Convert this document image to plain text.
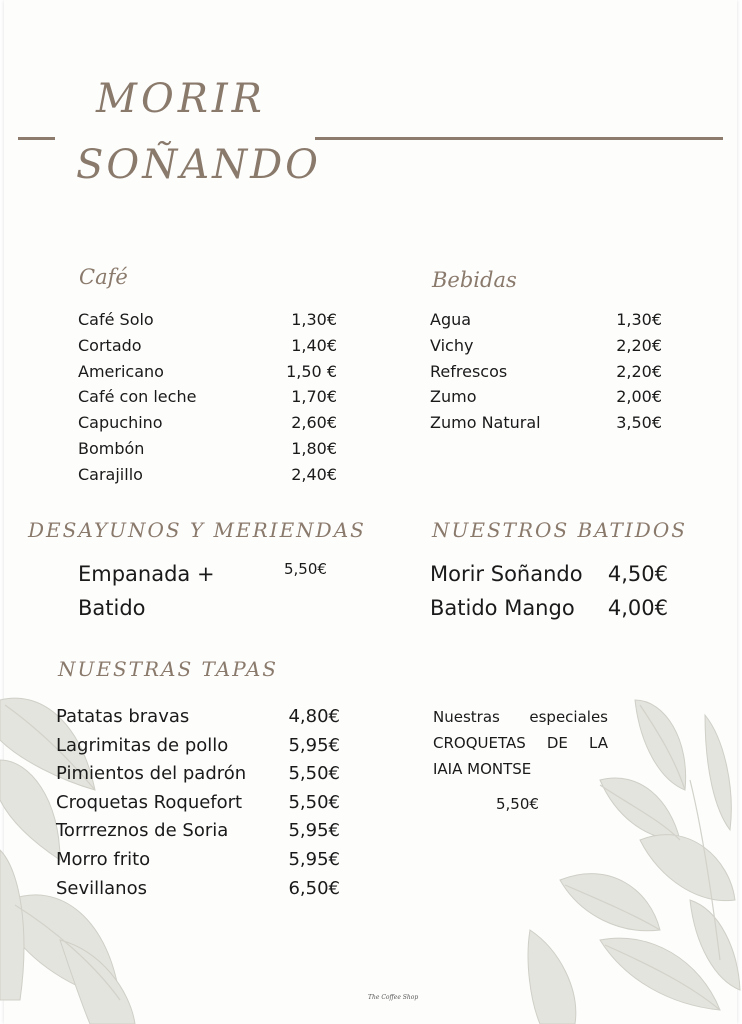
MORIR
SOÑANDO
Café
Café Solo	1,30€
Cortado	1,40€
Americano	1,50 €
Café con leche	1,70€
Capuchino	2,60€
Bombón	1,80€
Carajillo	2,40€
Bebidas
Agua	1,30€
Vichy	2,20€
Refrescos	2,20€
Zumo	2,00€
Zumo Natural	3,50€
DESAYUNOS Y MERIENDAS
Empanada +
Batido
5,50€
NUESTROS BATIDOS
Morir Soñando 4,50€
Batido Mango 4,00€
NUESTRAS TAPAS
Patatas bravas	4,80€
Lagrimitas de pollo	5,95€
Pimientos del padrón 5,50€
Croquetas Roquefort	5,50€
Torrreznos de Soria	5,95€
Morro frito	5,95€
Sevillanos	6,50€
Nuestras especiales CROQUETAS DE LA IAIA MONTSE
5,50€
The Coffee Shop
